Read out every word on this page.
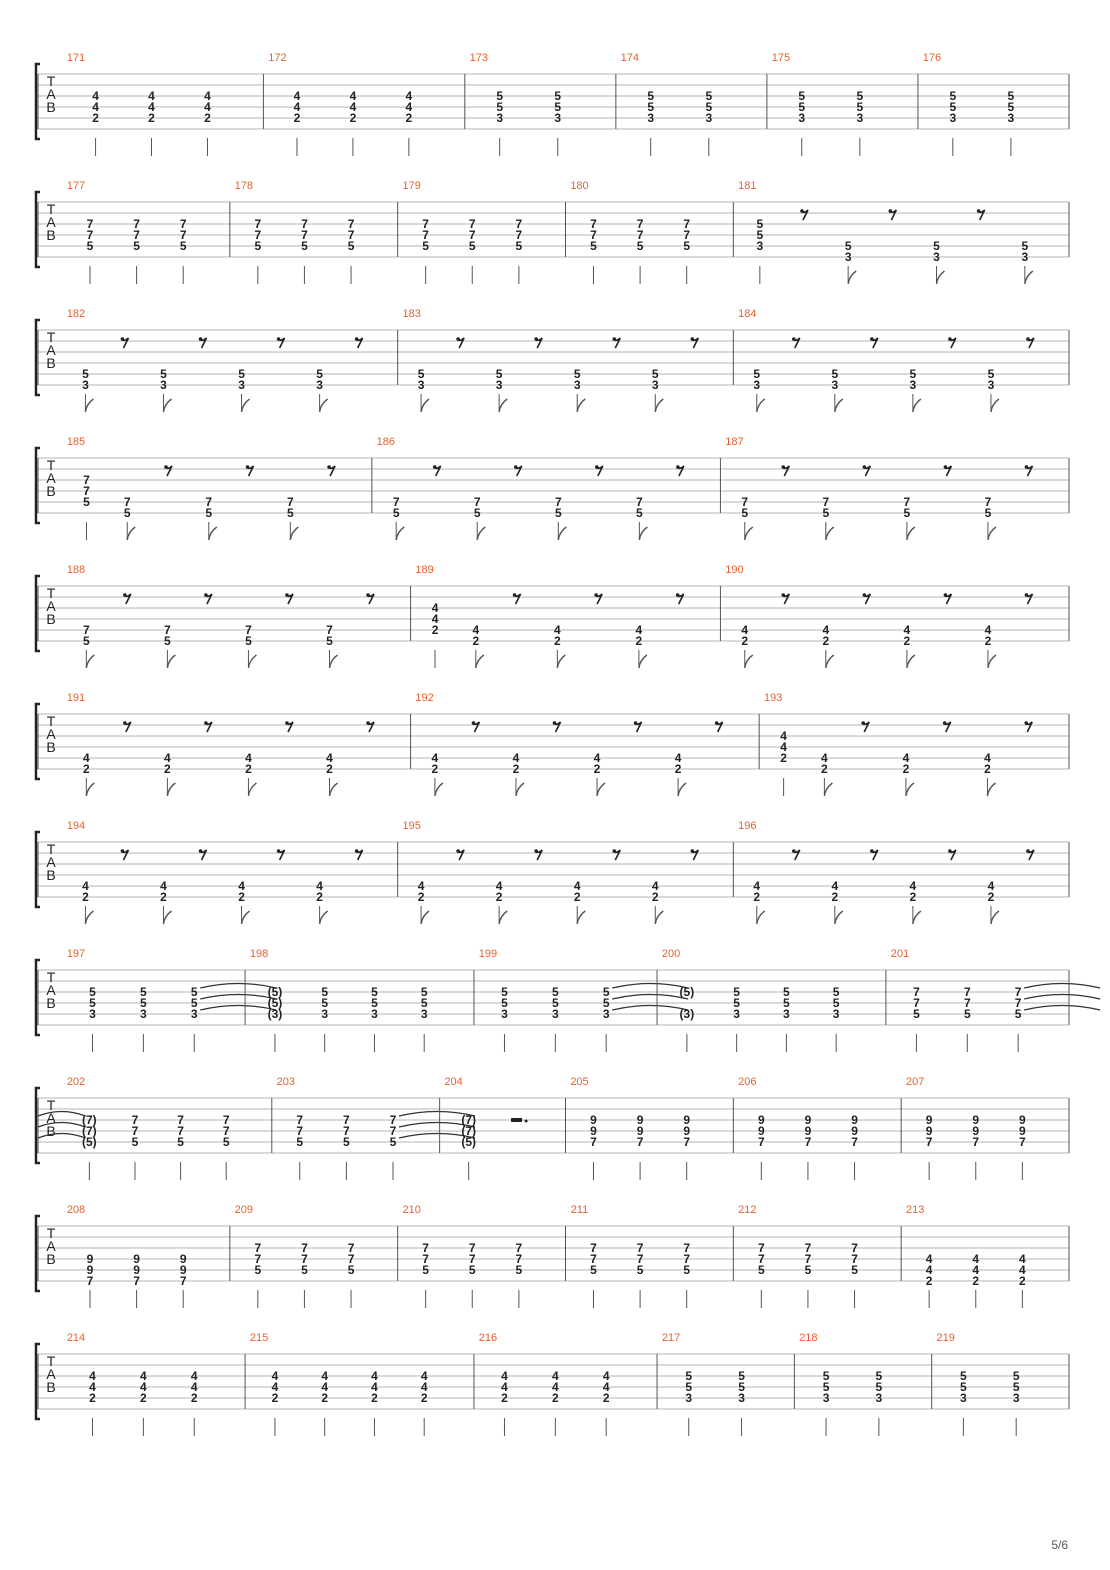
T
A
B
171
4
4
2
4
4
2
4
4
2
172
4
4
2
4
4
2
4
4
2
173
5
5
3
5
5
3
174
5
5
3
5
5
3
175
5
5
3
5
5
3
176
5
5
3
5
5
3
T
A
B
177
7
7
5
7
7
5
7
7
5
178
7
7
5
7
7
5
7
7
5
179
7
7
5
7
7
5
7
7
5
180
7
7
5
7
7
5
7
7
5
181
5
5
3	5
3
5
3
5
3
T
A
B
182
5
3
5
3
5
3
5
3
183
5
3
5
3
5
3
5
3
184
5
3
5
3
5
3
5
3
T
A
B
185
7
7
5	7
5
7
5
7
5
186
7
5
7
5
7
5
7
5
187
7
5
7
5
7
5
7
5
T
A
B
188
7
5
7
5
7
5
7
5
189
4
4
2	4
2
4
2
4
2
190
4
2
4
2
4
2
4
2
T
A
B
191
4
2
4
2
4
2
4
2
192
4
2
4
2
4
2
4
2
193
4
4
2	4
2
4
2
4
2
T
A
B
194
4
2
4
2
4
2
4
2
195
4
2
4
2
4
2
4
2
196
4
2
4
2
4
2
4
2
T
A
B
197
5
5
3
5
5
3
5
5
3
198
(5)
(5)
(3)
5
5
3
5
5
3
5
5
3
199
5
5
3
5
5
3
5
5
3
200
(5)
(3)
5
5
3
5
5
3
5
5
3
201
7
7
5
7
7
5
7
7
5
T
A
B
202
(7)
(7)
(5)
7
7
5
7
7
5
7
7
5
203
7
7
5
7
7
5
7
7
5
204
(7)
(7)
(5)
205
9
9
7
9
9
7
9
9
7
206
9
9
7
9
9
7
9
9
7
207
9
9
7
9
9
7
9
9
7
T
A
B
208
9
9
7
9
9
7
9
9
7
209
7
7
5
7
7
5
7
7
5
210
7
7
5
7
7
5
7
7
5
211
7
7
5
7
7
5
7
7
5
212
7
7
5
7
7
5
7
7
5
213
4
4
2
4
4
2
4
4
2
T
A
B
214
4
4
2
4
4
2
4
4
2
215
4
4
2
4
4
2
4
4
2
4
4
2
216
4
4
2
4
4
2
4
4
2
217
5
5
3
5
5
3
218
5
5
3
5
5
3
219
5
5
3
5
5
3
5/6
